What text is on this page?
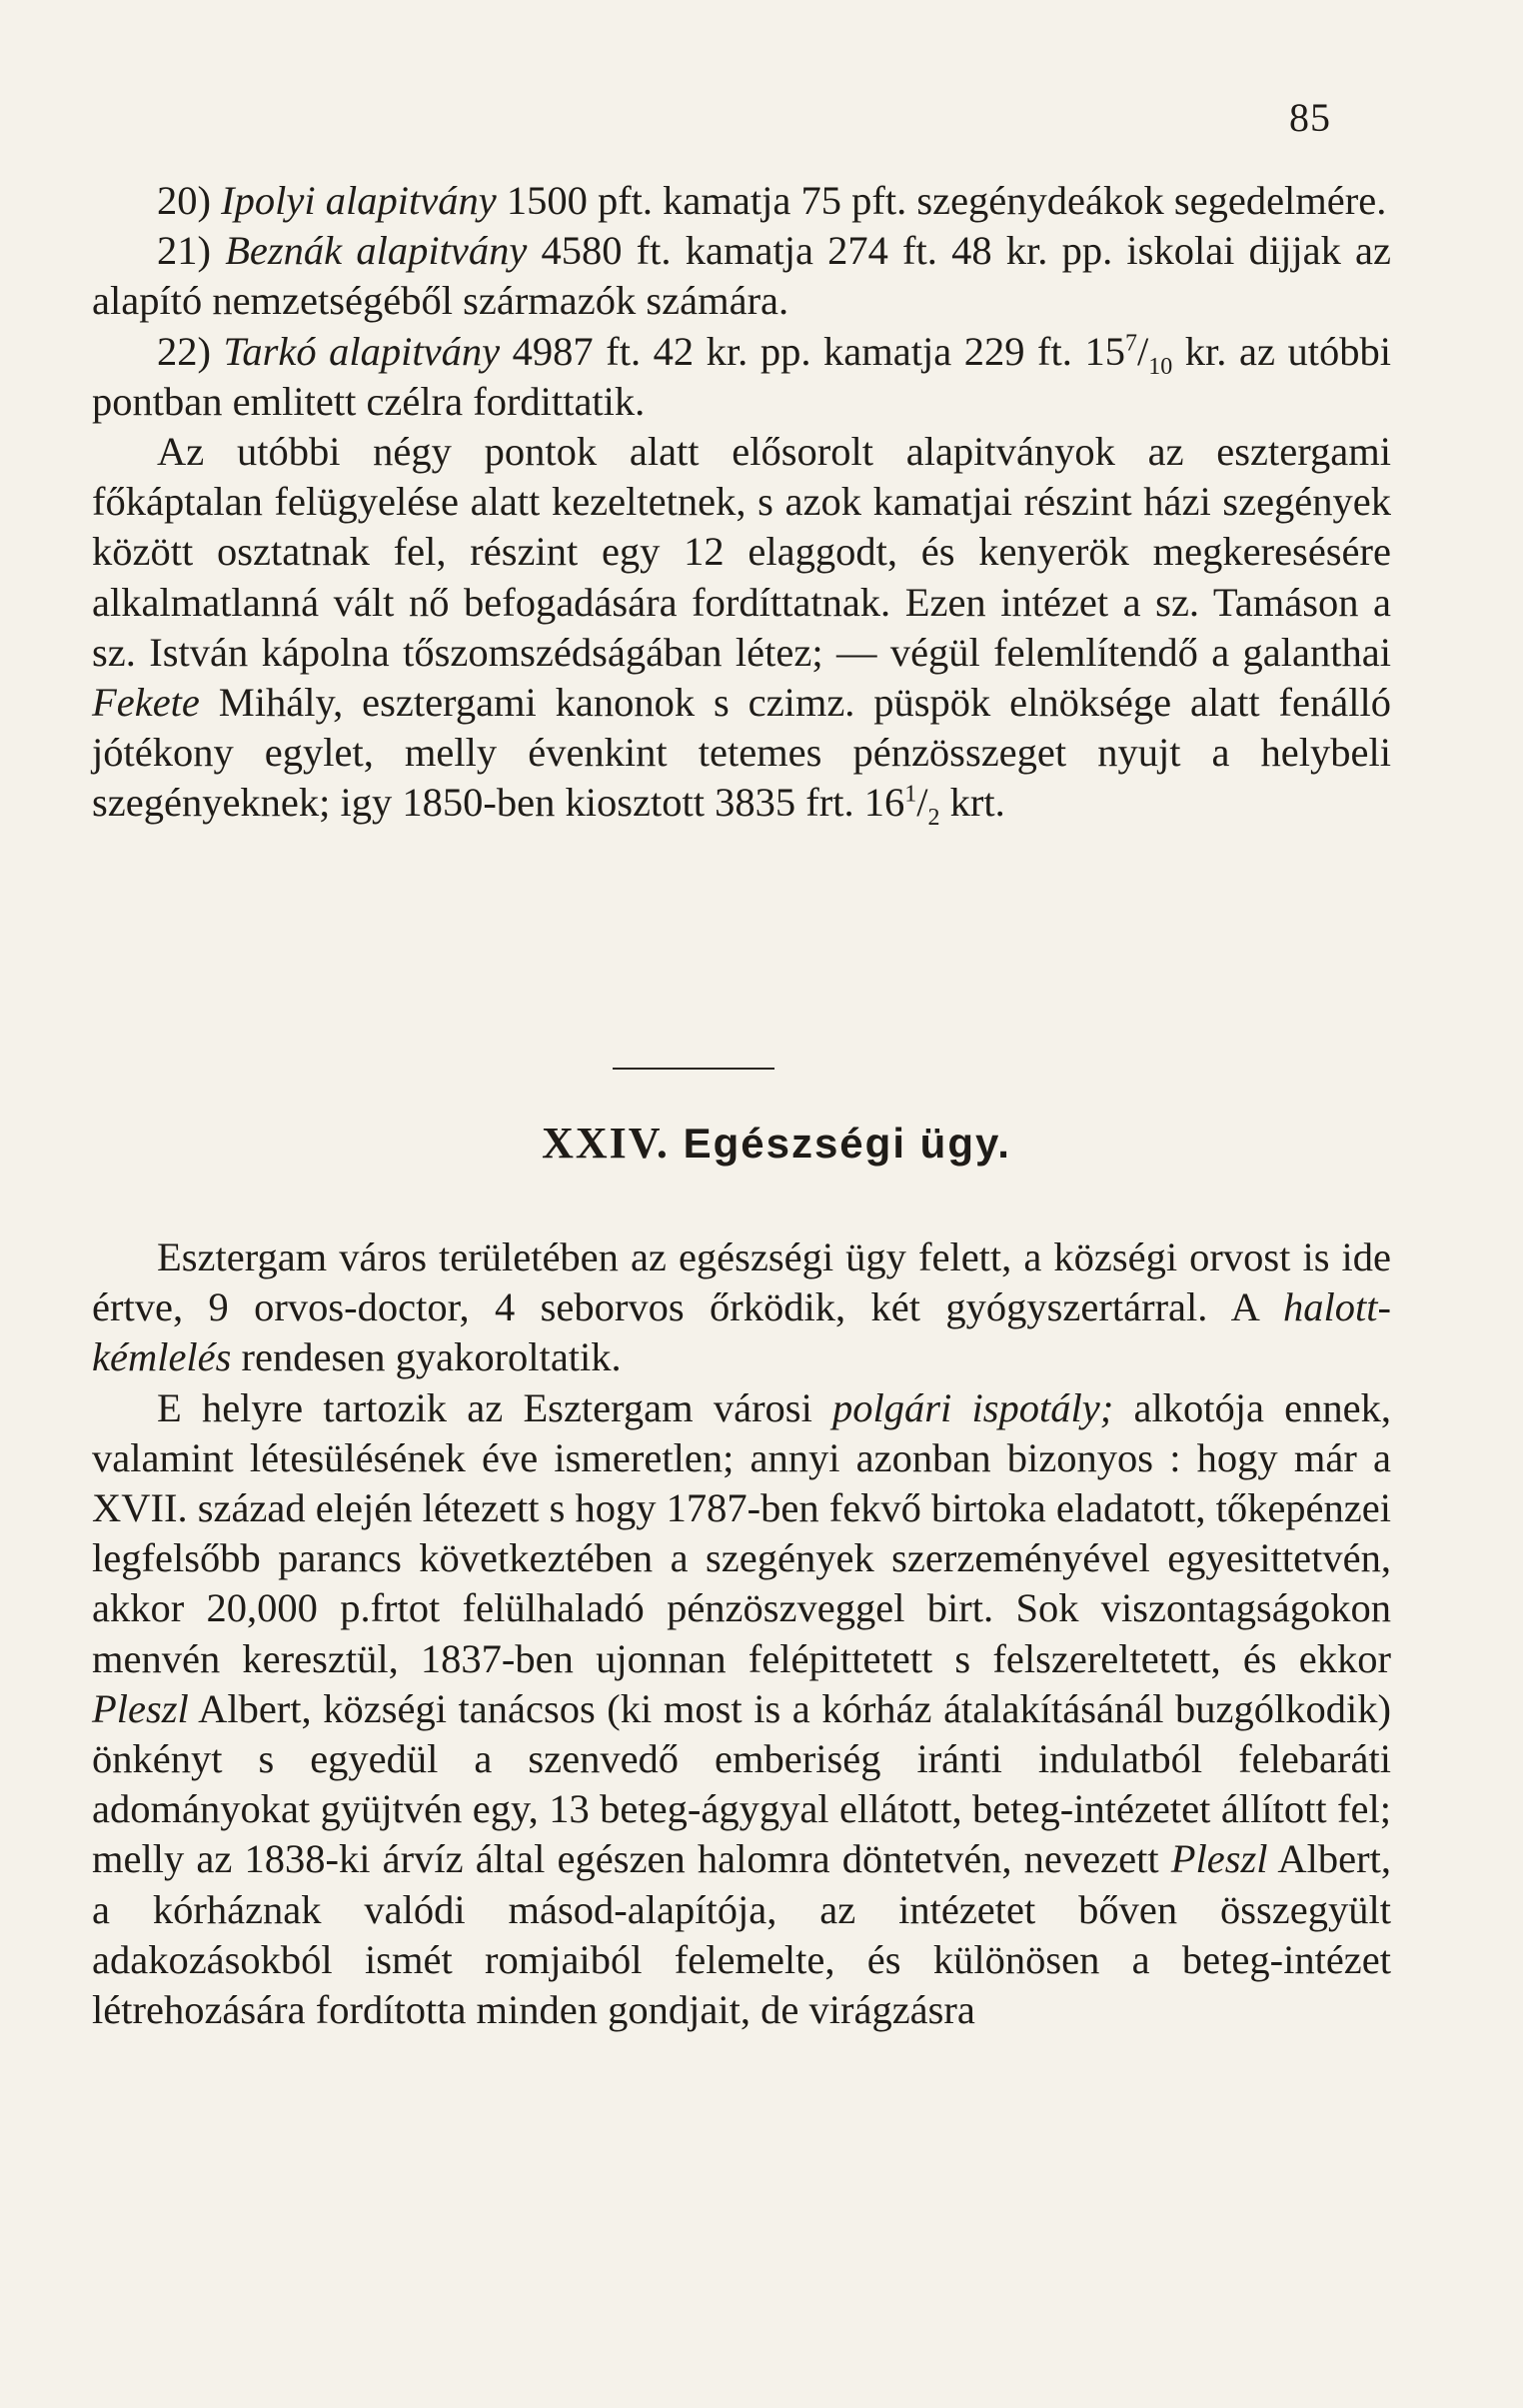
85

20) Ipolyi alapitvány 1500 pft. kamatja 75 pft. szegénydeákok segedelmére.

21) Beznák alapitvány 4580 ft. kamatja 274 ft. 48 kr. pp. iskolai dijjak az alapító nemzetségéből származók számára.

22) Tarkó alapitvány 4987 ft. 42 kr. pp. kamatja 229 ft. $15^7/_{10}$ kr. az utóbbi pontban emlitett czélra fordittatik.

Az utóbbi négy pontok alatt elősorolt alapitványok az esztergami főkáptalan felügyelése alatt kezeltetnek, s azok kamatjai részint házi szegények között osztatnak fel, részint egy 12 elaggodt, és kenyerök megkeresésére alkalmatlanná vált nő befogadására fordíttatnak. Ezen intézet a sz. Tamáson a sz. István kápolna tőszomszédságában létez; — végül felemlítendő a galanthai Fekete Mihály, esztergami kanonok s czimz. püspök elnöksége alatt fenálló jótékony egylet, melly évenkint tetemes pénzösszeget nyujt a helybeli szegényeknek; igy 1850-ben kiosztott 3835 frt. $16^1/_2$ krt.

XXIV. Egészségi ügy.

Esztergam város területében az egészségi ügy felett, a községi orvost is ide értve, 9 orvos-doctor, 4 seborvos őrködik, két gyógyszertárral. A halott-kémlelés rendesen gyakoroltatik.

E helyre tartozik az Esztergam városi polgári ispotály; alkotója ennek, valamint létesülésének éve ismeretlen; annyi azonban bizonyos : hogy már a XVII. század elején létezett s hogy 1787-ben fekvő birtoka eladatott, tőkepénzei legfelsőbb parancs következtében a szegények szerzeményével egyesittetvén, akkor 20,000 p.frtot felülhaladó pénzöszveggel birt. Sok viszontagságokon menvén keresztül, 1837-ben ujonnan felépittetett s felszereltetett, és ekkor Pleszl Albert, községi tanácsos (ki most is a kórház átalakításánál buzgólkodik) önkényt s egyedül a szenvedő emberiség iránti indulatból felebaráti adományokat gyüjtvén egy, 13 beteg-ágygyal ellátott, beteg-intézetet állított fel; melly az 1838-ki árvíz által egészen halomra döntetvén, nevezett Pleszl Albert, a kórháznak valódi másod-alapítója, az intézetet bőven összegyült adakozásokból ismét romjaiból felemelte, és különösen a beteg-intézet létrehozására fordította minden gondjait, de virágzásra
